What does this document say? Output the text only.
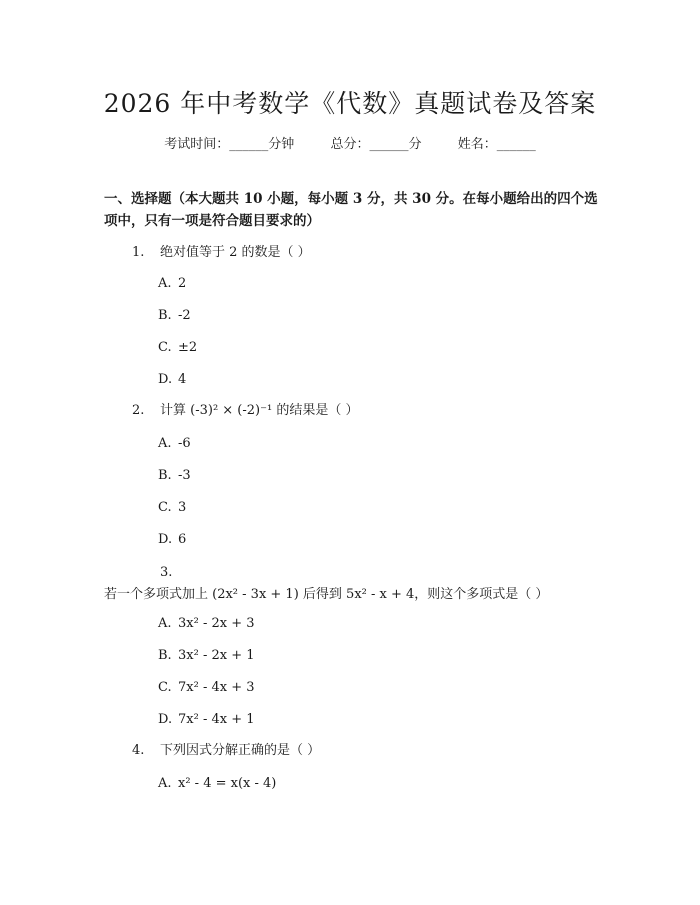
2026 年中考数学《代数》真题试卷及答案
考试时间：______分钟	总分：______分	姓名：______
一、选择题（本大题共 10 小题，每小题 3 分，共 30 分。在每小题给出的四个选项中，只有一项是符合题目要求的）
1. 绝对值等于 2 的数是（ ）
A. 2
B. -2
C. ±2
D. 4
2. 计算 (-3)² × (-2)⁻¹ 的结果是（ ）
A. -6
B. -3
C. 3
D. 6
3.若一个多项式加上 (2x² - 3x + 1) 后得到 5x² - x + 4，则这个多项式是（ ）
A. 3x² - 2x + 3
B. 3x² - 2x + 1
C. 7x² - 4x + 3
D. 7x² - 4x + 1
4. 下列因式分解正确的是（ ）
A. x² - 4 = x(x - 4)
